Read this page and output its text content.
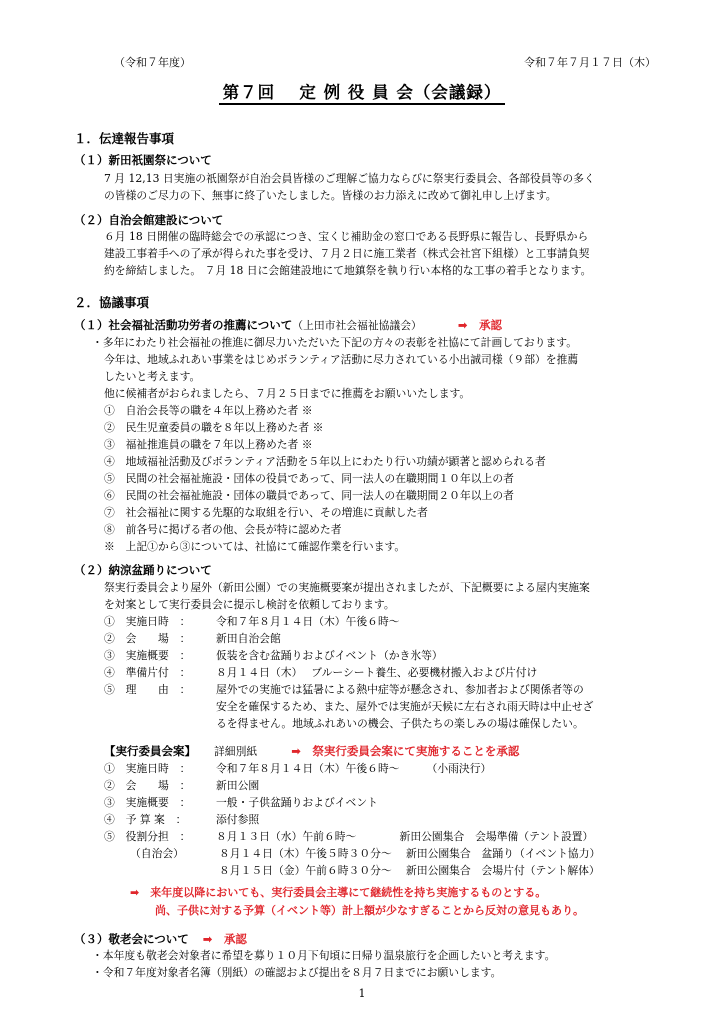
（令和７年度）	令和７年７月１７日（木）
第７回　 定 例 役 員 会（会議録）
１．伝達報告事項
（１）新田祇園祭について
7 月 12,13 日実施の祇園祭が自治会員皆様のご理解ご協力ならびに祭実行委員会、各部役員等の多く
の皆様のご尽力の下、無事に終了いたしました。皆様のお力添えに改めて御礼申し上げます。
（２）自治会館建設について
６月 18 日開催の臨時総会での承認につき、宝くじ補助金の窓口である長野県に報告し、長野県から
建設工事着手への了承が得られた事を受け、７月２日に施工業者（株式会社宮下組様）と工事請負契
約を締結しました。 ７月 18 日に会館建設地にて地鎮祭を執り行い本格的な工事の着手となります。
２．協議事項
（１）社会福祉活動功労者の推薦について（上田市社会福祉協議会）	➡　承認
・多年にわたり社会福祉の推進に御尽力いただいた下記の方々の表彰を社協にて計画しております。
今年は、地域ふれあい事業をはじめボランティア活動に尽力されている小出誠司様（９部）を推薦
したいと考えます。
他に候補者がおられましたら、７月２５日までに推薦をお願いいたします。
①　自治会長等の職を４年以上務めた者 ※
②　民生児童委員の職を８年以上務めた者 ※
③　福祉推進員の職を７年以上務めた者 ※
④　地域福祉活動及びボランティア活動を５年以上にわたり行い功績が顕著と認められる者
⑤　民間の社会福祉施設・団体の役員であって、同一法人の在職期間１０年以上の者
⑥　民間の社会福祉施設・団体の職員であって、同一法人の在職期間２０年以上の者
⑦　社会福祉に関する先駆的な取組を行い、その増進に貢献した者
⑧　前各号に掲げる者の他、会長が特に認めた者
※　上記①から③については、社協にて確認作業を行います。
（２）納涼盆踊りについて
祭実行委員会より屋外（新田公園）での実施概要案が提出されましたが、下記概要による屋内実施案
を対案として実行委員会に提示し検討を依頼しております。
①　実施日時　： 令和７年８月１４日（木）午後６時～
②　会　　場　： 新田自治会館
③　実施概要　： 仮装を含む盆踊りおよびイベント（かき氷等）
④　準備片付　： ８月１４日（木）　 ブルーシート養生、必要機材搬入および片付け
⑤　理　　由　： 屋外での実施では猛暑による熱中症等が懸念され、参加者および関係者等の
安全を確保するため、また、屋外では実施が天候に左右され雨天時は中止せざ
るを得ません。地域ふれあいの機会、子供たちの楽しみの場は確保したい。
【実行委員会案】 詳細別紙	➡　祭実行委員会案にて実施することを承認
①　実施日時　： 令和７年８月１４日（木）午後６時～　　　（小雨決行）
②　会　　場　： 新田公園
③　実施概要　： 一般・子供盆踊りおよびイベント
④　予 算 案　：	添付参照
⑤　役割分担　： ８月１３日（水）午前６時～　　　　新田公園集合　会場準備（テント設置）
（自治会）	８月１４日（木）午後５時３０分～　 新田公園集合　盆踊り（イベント協力）
８月１５日（金）午前６時３０分～　 新田公園集合　会場片付（テント解体）
➡　来年度以降においても、実行委員会主導にて継続性を持ち実施するものとする。
尚、子供に対する予算（イベント等）計上額が少なすぎることから反対の意見もあり。
（３）敬老会について ➡　承認
・本年度も敬老会対象者に希望を募り１０月下旬頃に日帰り温泉旅行を企画したいと考えます。
・令和７年度対象者名簿（別紙）の確認および提出を８月７日までにお願いします。
1
